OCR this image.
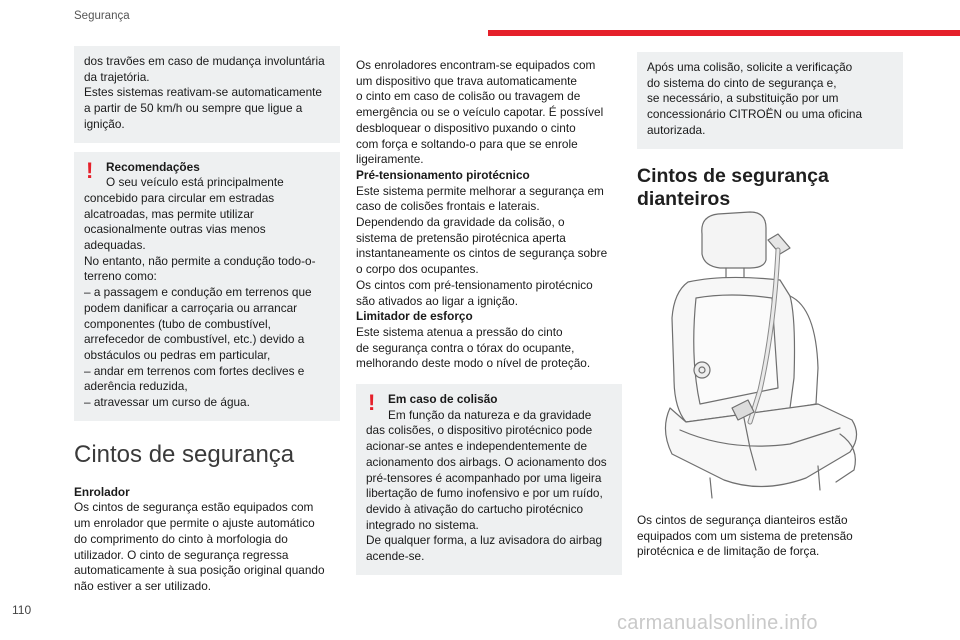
Segurança

dos travões em caso de mudança involuntária
da trajetória.
Estes sistemas reativam-se automaticamente
a partir de 50 km/h ou sempre que ligue a
ignição.

!	Recomendações
O seu veículo está principalmente

concebido para circular em estradas
alcatroadas, mas permite utilizar
ocasionalmente outras vias menos
adequadas.
No entanto, não permite a condução todo-o-
terreno como:
– a passagem e condução em terrenos que
podem danificar a carroçaria ou arrancar
componentes (tubo de combustível,
arrefecedor de combustível, etc.) devido a
obstáculos ou pedras em particular,
– andar em terrenos com fortes declives e
aderência reduzida,
– atravessar um curso de água.

Cintos de segurança
Enrolador

Os cintos de segurança estão equipados com
um enrolador que permite o ajuste automático
do comprimento do cinto à morfologia do
utilizador. O cinto de segurança regressa
automaticamente à sua posição original quando
não estiver a ser utilizado.

Os enroladores encontram-se equipados com
um dispositivo que trava automaticamente
o cinto em caso de colisão ou travagem de
emergência ou se o veículo capotar. É possível
desbloquear o dispositivo puxando o cinto
com força e soltando-o para que se enrole
ligeiramente.

Pré-tensionamento pirotécnico

Este sistema permite melhorar a segurança em
caso de colisões frontais e laterais.
Dependendo da gravidade da colisão, o
sistema de pretensão pirotécnica aperta
instantaneamente os cintos de segurança sobre
o corpo dos ocupantes.
Os cintos com pré-tensionamento pirotécnico
são ativados ao ligar a ignição.

Limitador de esforço

Este sistema atenua a pressão do cinto
de segurança contra o tórax do ocupante,
melhorando deste modo o nível de proteção.

!	Em caso de colisão
Em função da natureza e da gravidade

das colisões, o dispositivo pirotécnico pode
acionar-se antes e independentemente de
acionamento dos airbags. O acionamento dos
pré-tensores é acompanhado por uma ligeira
libertação de fumo inofensivo e por um ruído,
devido à ativação do cartucho pirotécnico
integrado no sistema.
De qualquer forma, a luz avisadora do airbag
acende-se.

Após uma colisão, solicite a verificação
do sistema do cinto de segurança e,
se necessário, a substituição por um
concessionário CITROËN ou uma oficina
autorizada.

Cintos de segurança
dianteiros

Os cintos de segurança dianteiros estão
equipados com um sistema de pretensão
pirotécnica e de limitação de força.

110
carmanualsonline.info
